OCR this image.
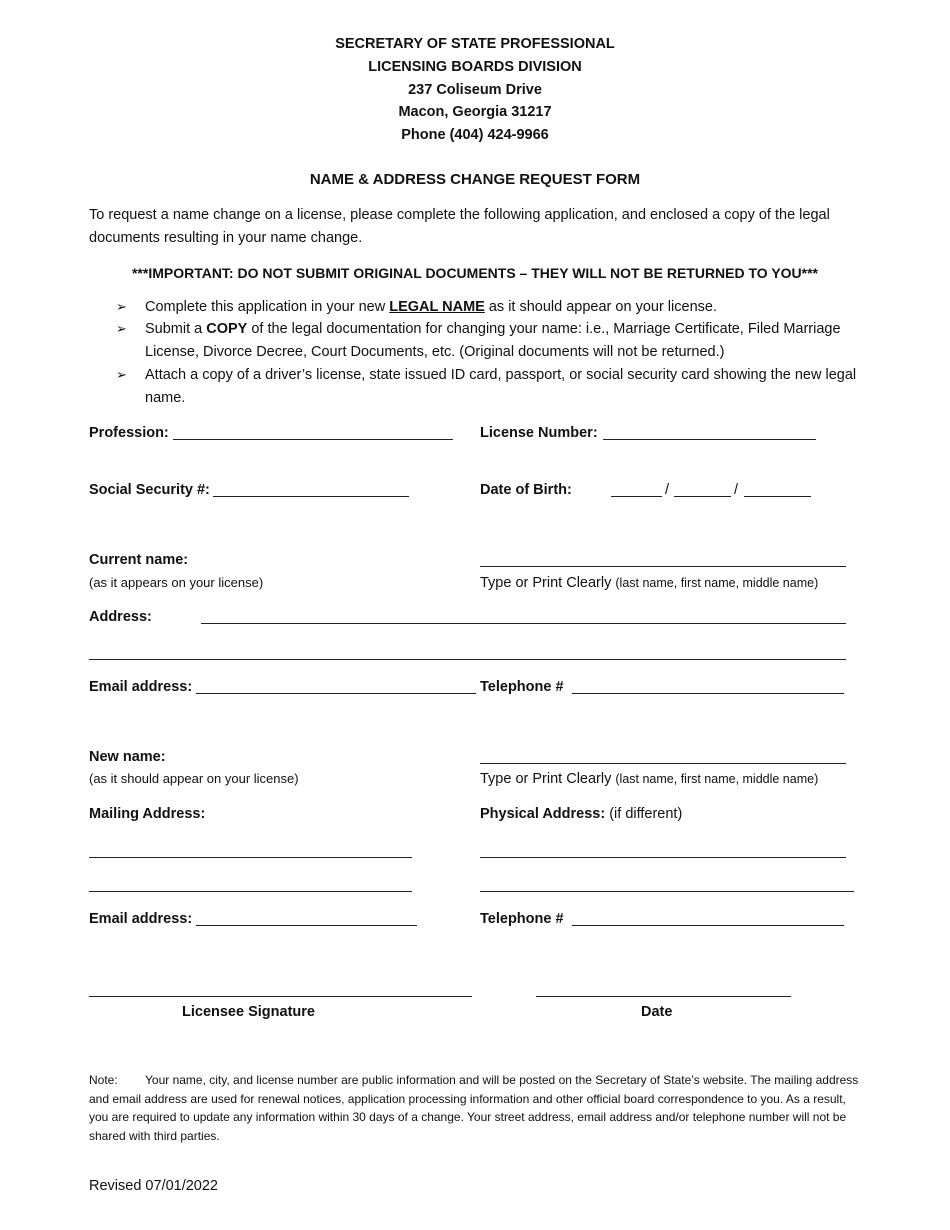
SECRETARY OF STATE PROFESSIONAL
LICENSING BOARDS DIVISION
237 Coliseum Drive
Macon, Georgia 31217
Phone (404) 424-9966
NAME & ADDRESS CHANGE REQUEST FORM
To request a name change on a license, please complete the following application, and enclosed a copy of the legal documents resulting in your name change.
***IMPORTANT: DO NOT SUBMIT ORIGINAL DOCUMENTS – THEY WILL NOT BE RETURNED TO YOU***
➢ Complete this application in your new LEGAL NAME as it should appear on your license.
➢ Submit a COPY of the legal documentation for changing your name: i.e., Marriage Certificate, Filed Marriage License, Divorce Decree, Court Documents, etc. (Original documents will not be returned.)
➢ Attach a copy of a driver’s license, state issued ID card, passport, or social security card showing the new legal name.
Profession:	License Number:
Social Security #:	Date of Birth:	/	/
Current name:
(as it appears on your license)	Type or Print Clearly (last name, first name, middle name)
Address:
Email address:	Telephone #
New name:
(as it should appear on your license)	Type or Print Clearly (last name, first name, middle name)
Mailing Address:	Physical Address: (if different)
Email address:	Telephone #
Licensee Signature	Date
Note: Your name, city, and license number are public information and will be posted on the Secretary of State’s website. The mailing address and email address are used for renewal notices, application processing information and other official board correspondence to you. As a result, you are required to update any information within 30 days of a change. Your street address, email address and/or telephone number will not be shared with third parties.
Revised 07/01/2022
